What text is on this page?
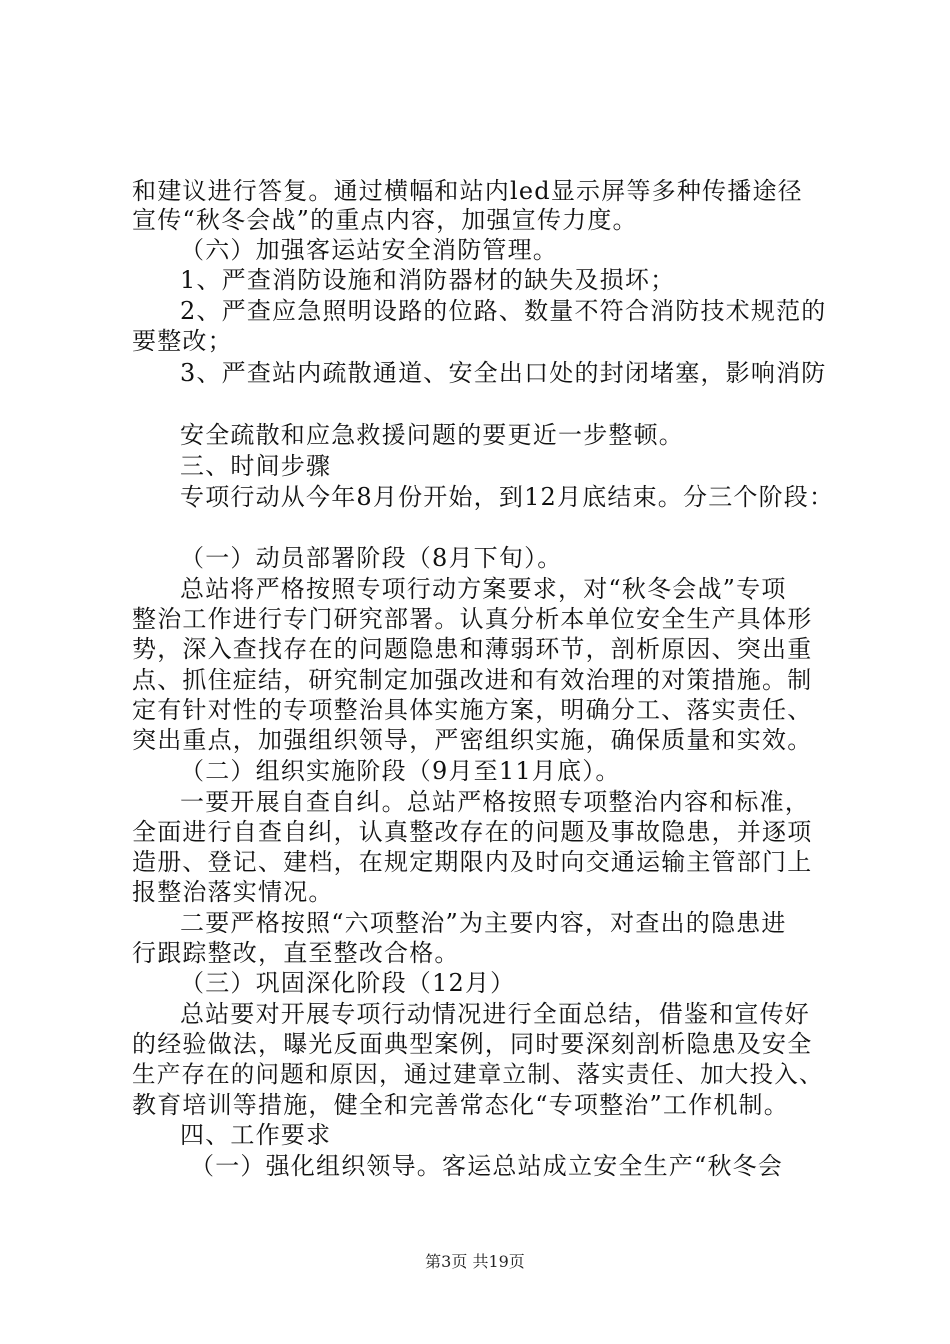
和建议进行答复。通过横幅和站内led显示屏等多种传播途径
宣传“秋冬会战”的重点内容，加强宣传力度。
（六）加强客运站安全消防管理。
1、严查消防设施和消防器材的缺失及损坏；
2、严查应急照明设路的位路、数量不符合消防技术规范的
要整改；
3、严查站内疏散通道、安全出口处的封闭堵塞，影响消防
安全疏散和应急救援问题的要更近一步整顿。
三、时间步骤
专项行动从今年8月份开始，到12月底结束。分三个阶段：
（一）动员部署阶段（8月下旬）。
总站将严格按照专项行动方案要求，对“秋冬会战”专项
整治工作进行专门研究部署。认真分析本单位安全生产具体形
势，深入查找存在的问题隐患和薄弱环节，剖析原因、突出重
点、抓住症结，研究制定加强改进和有效治理的对策措施。制
定有针对性的专项整治具体实施方案，明确分工、落实责任、
突出重点，加强组织领导，严密组织实施，确保质量和实效。
（二）组织实施阶段（9月至11月底）。
一要开展自查自纠。总站严格按照专项整治内容和标准，
全面进行自查自纠，认真整改存在的问题及事故隐患，并逐项
造册、登记、建档，在规定期限内及时向交通运输主管部门上
报整治落实情况。
二要严格按照“六项整治”为主要内容，对查出的隐患进
行跟踪整改，直至整改合格。
（三）巩固深化阶段（12月）
总站要对开展专项行动情况进行全面总结，借鉴和宣传好
的经验做法，曝光反面典型案例，同时要深刻剖析隐患及安全
生产存在的问题和原因，通过建章立制、落实责任、加大投入、
教育培训等措施，健全和完善常态化“专项整治”工作机制。
四、工作要求
（一）强化组织领导。客运总站成立安全生产“秋冬会
第3页 共19页
